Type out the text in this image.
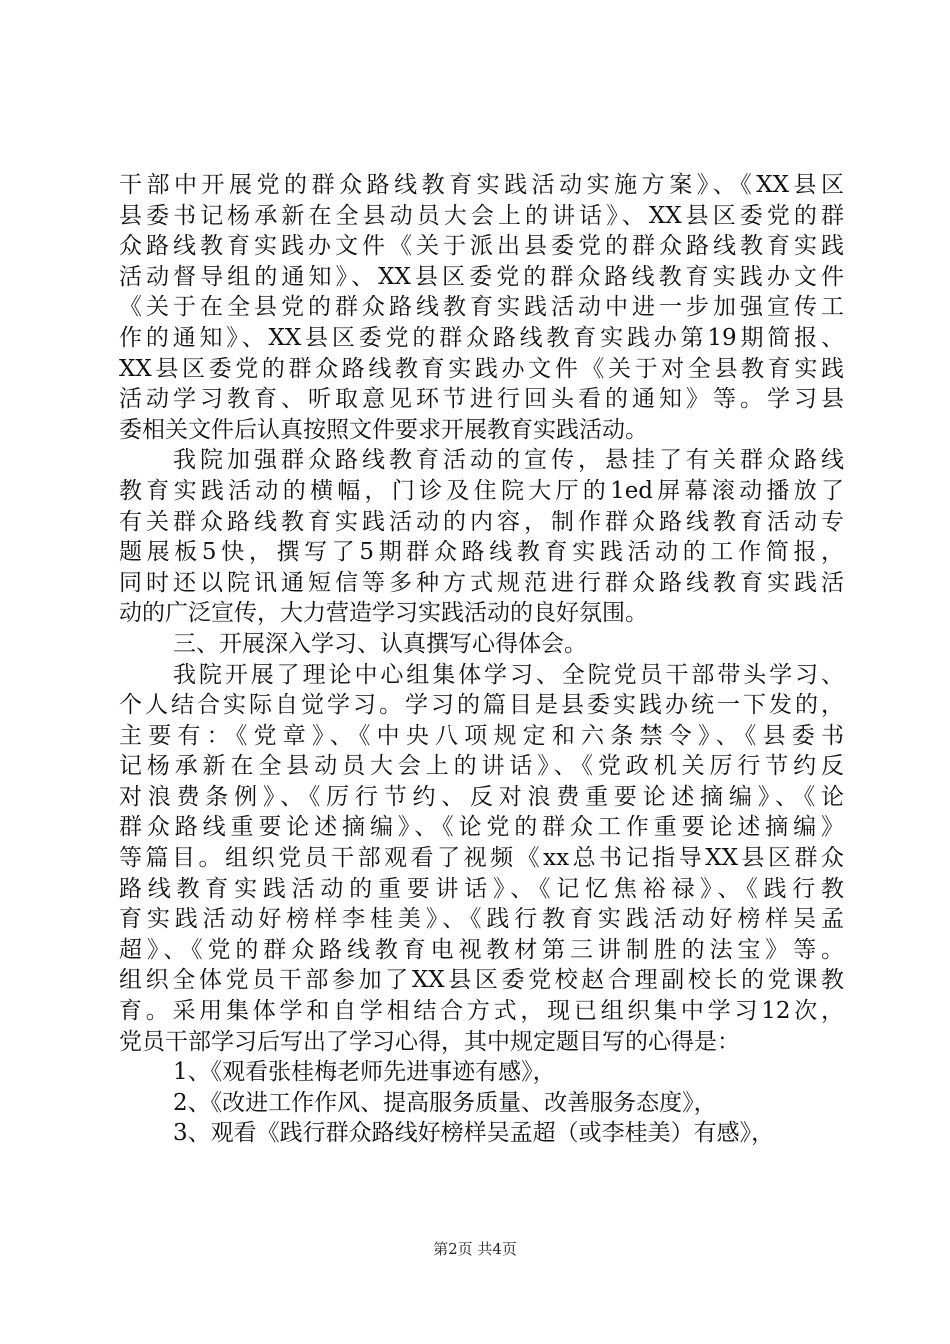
干部中开展党的群众路线教育实践活动实施方案》、《XX县区
县委书记杨承新在全县动员大会上的讲话》、XX县区委党的群
众路线教育实践办文件《关于派出县委党的群众路线教育实践
活动督导组的通知》、XX县区委党的群众路线教育实践办文件
《关于在全县党的群众路线教育实践活动中进一步加强宣传工
作的通知》、XX县区委党的群众路线教育实践办第19期简报、
XX县区委党的群众路线教育实践办文件《关于对全县教育实践
活动学习教育、听取意见环节进行回头看的通知》等。学习县
委相关文件后认真按照文件要求开展教育实践活动。
我院加强群众路线教育活动的宣传，悬挂了有关群众路线
教育实践活动的横幅，门诊及住院大厅的1ed屏幕滚动播放了
有关群众路线教育实践活动的内容，制作群众路线教育活动专
题展板5快，撰写了5期群众路线教育实践活动的工作简报，
同时还以院讯通短信等多种方式规范进行群众路线教育实践活
动的广泛宣传，大力营造学习实践活动的良好氛围。
三、开展深入学习、认真撰写心得体会。
我院开展了理论中心组集体学习、全院党员干部带头学习、
个人结合实际自觉学习。学习的篇目是县委实践办统一下发的，
主要有：《党章》、《中央八项规定和六条禁令》、《县委书
记杨承新在全县动员大会上的讲话》、《党政机关厉行节约反
对浪费条例》、《厉行节约、反对浪费重要论述摘编》、《论
群众路线重要论述摘编》、《论党的群众工作重要论述摘编》
等篇目。组织党员干部观看了视频《xx总书记指导XX县区群众
路线教育实践活动的重要讲话》、《记忆焦裕禄》、《践行教
育实践活动好榜样李桂美》、《践行教育实践活动好榜样吴孟
超》、《党的群众路线教育电视教材第三讲制胜的法宝》等。
组织全体党员干部参加了XX县区委党校赵合理副校长的党课教
育。采用集体学和自学相结合方式，现已组织集中学习12次，
党员干部学习后写出了学习心得，其中规定题目写的心得是：
1、《观看张桂梅老师先进事迹有感》，
2、《改进工作作风、提高服务质量、改善服务态度》，
3、观看《践行群众路线好榜样吴孟超（或李桂美）有感》，
第2页 共4页
